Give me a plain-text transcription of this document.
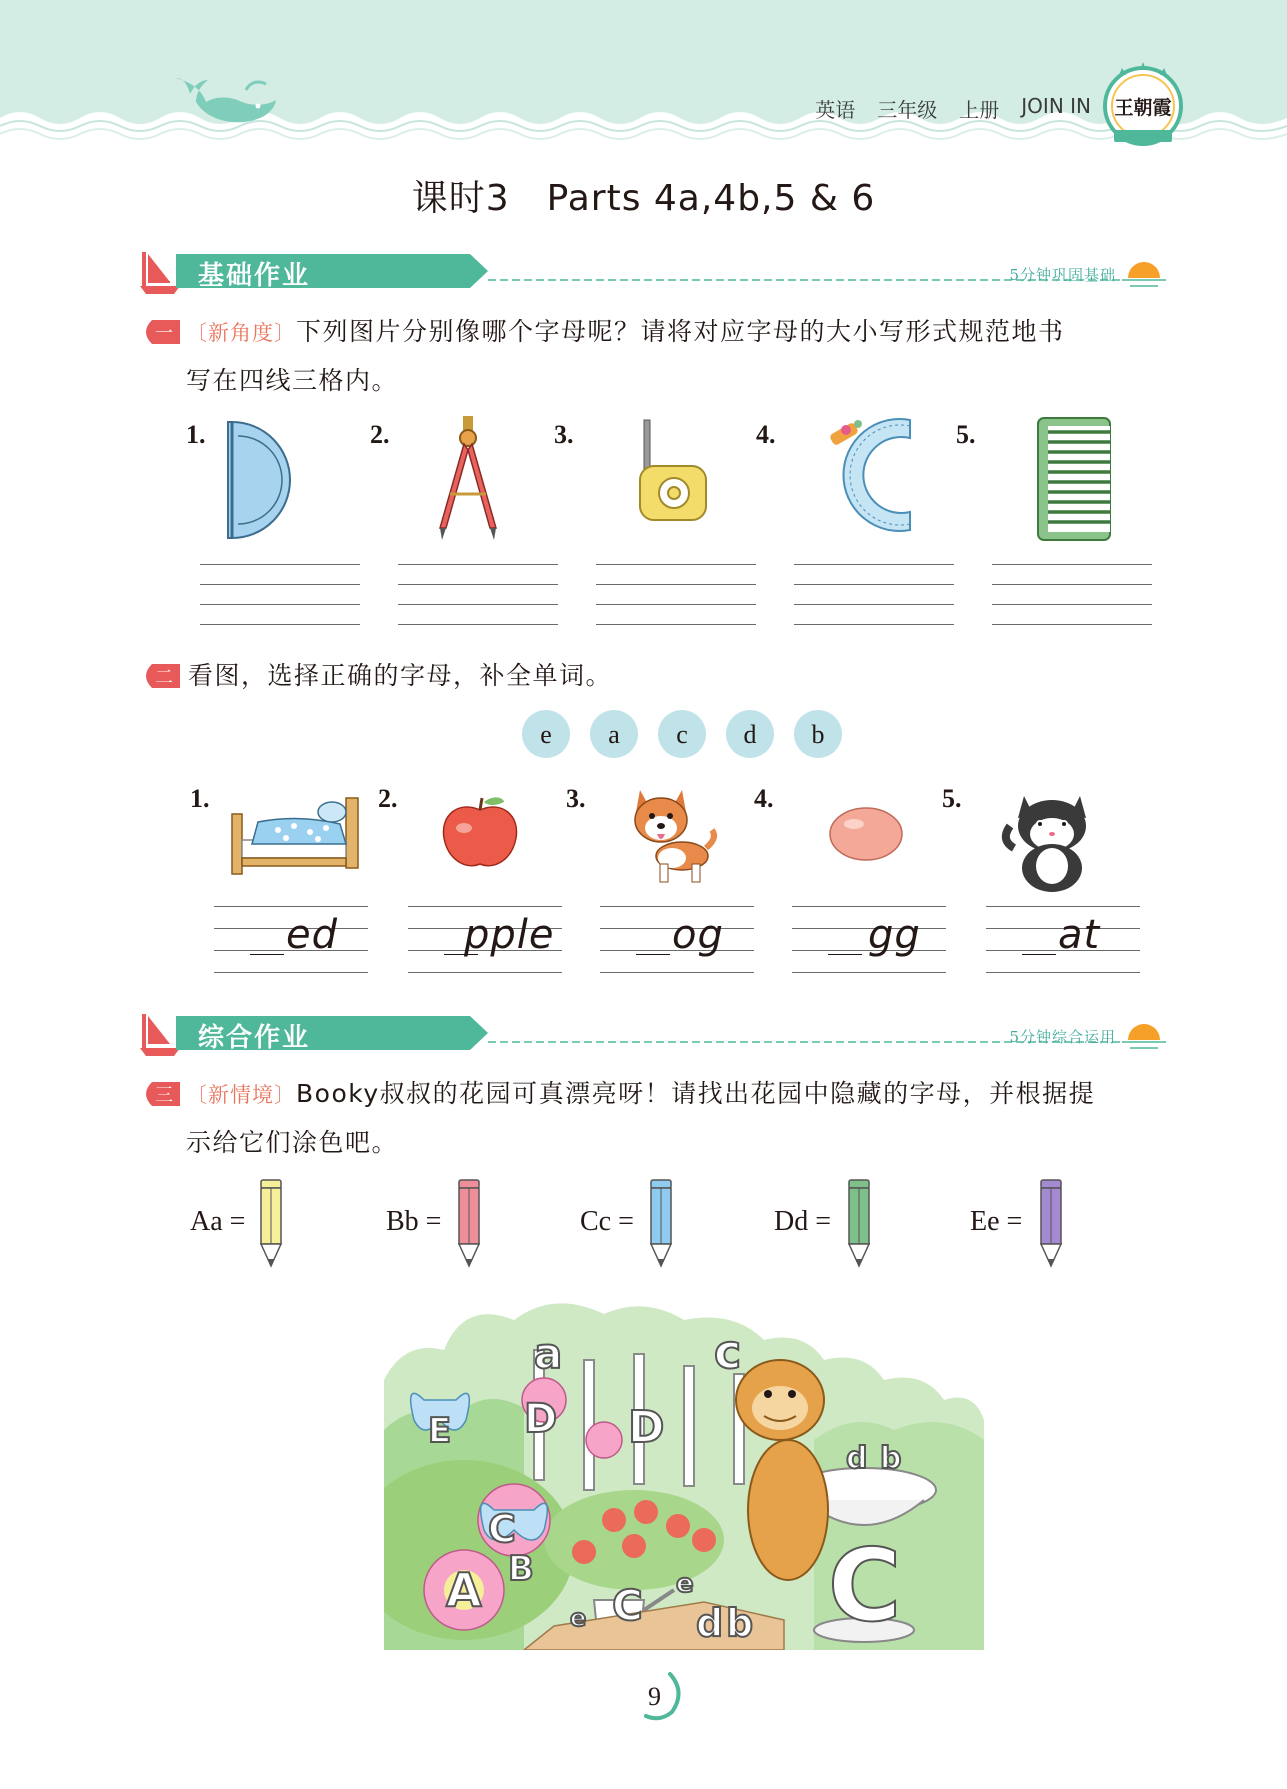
英语 三年级 上册 JOIN IN 王朝霞
课时3　Parts 4a,4b,5 & 6
基础作业	5分钟巩固基础
一 〔新角度〕下列图片分别像哪个字母呢？请将对应字母的大小写形式规范地书
写在四线三格内。
1.	2.	3.	4.	5.
二 看图，选择正确的字母，补全单词。
e	a	c	d	b
1.	2.	3.	4.	5.
ed	pple	og	gg	at
综合作业	5分钟综合运用
三 〔新情境〕Booky叔叔的花园可真漂亮呀！请找出花园中隐藏的字母，并根据提
示给它们涂色吧。
Aa =	Bb =	Cc =	Dd =	Ee =
a	c
D D
E
C
B
A
e C e
d b
d b
C
9
